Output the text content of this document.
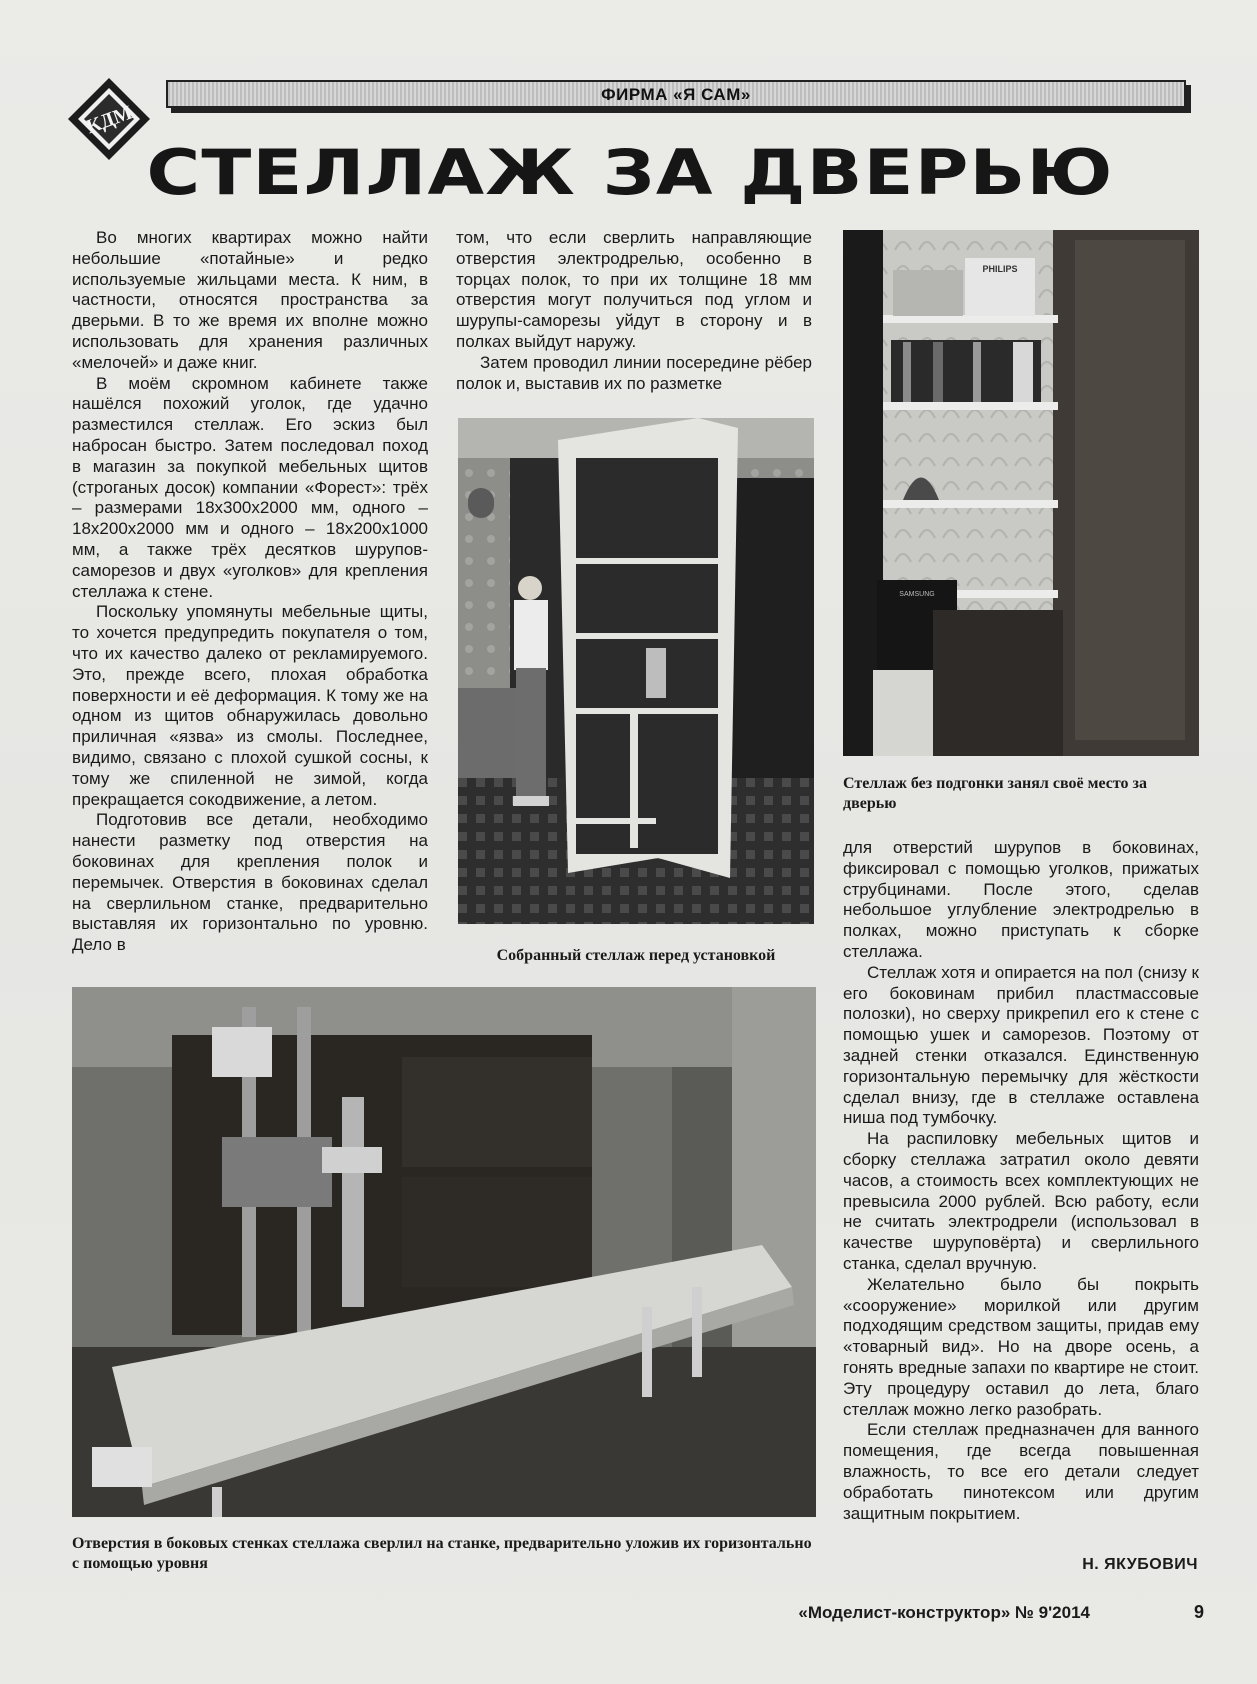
КДМ
ФИРМА «Я САМ»
СТЕЛЛАЖ ЗА ДВЕРЬЮ

Во многих квартирах можно найти небольшие «потайные» и редко используемые жильцами места. К ним, в частности, относятся пространства за дверьми. В то же время их вполне можно использовать для хранения различных «мелочей» и даже книг.

В моём скромном кабинете также нашёлся похожий уголок, где удачно разместился стеллаж. Его эскиз был набросан быстро. Затем последовал поход в магазин за покупкой мебельных щитов (строганых досок) компании «Форест»: трёх – размерами 18x300x2000 мм, одного – 18x200x2000 мм и одного – 18x200x1000 мм, а также трёх десятков шурупов-саморезов и двух «уголков» для крепления стеллажа к стене.

Поскольку упомянуты мебельные щиты, то хочется предупредить покупателя о том, что их качество далеко от рекламируемого. Это, прежде всего, плохая обработка поверхности и её деформация. К тому же на одном из щитов обнаружилась довольно приличная «язва» из смолы. Последнее, видимо, связано с плохой сушкой сосны, к тому же спиленной не зимой, когда прекращается сокодвижение, а летом.

Подготовив все детали, необходимо нанести разметку под отверстия на боковинах для крепления полок и перемычек. Отверстия в боковинах сделал на сверлильном станке, предварительно выставляя их горизонтально по уровню. Дело в

том, что если сверлить направляющие отверстия электродрелью, особенно в торцах полок, то при их толщине 18 мм отверстия могут получиться под углом и шурупы-саморезы уйдут в сторону и в полках выйдут наружу.

Затем проводил линии посередине рёбер полок и, выставив их по разметке

PHILIPS
SAMSUNG

для отверстий шурупов в боковинах, фиксировал с помощью уголков, прижатых струбцинами. После этого, сделав небольшое углубление электродрелью в полках, можно приступать к сборке стеллажа.

Стеллаж хотя и опирается на пол (снизу к его боковинам прибил пластмассовые полозки), но сверху прикрепил его к стене с помощью ушек и саморезов. Поэтому от задней стенки отказался. Единственную горизонтальную перемычку для жёсткости сделал внизу, где в стеллаже оставлена ниша под тумбочку.

На распиловку мебельных щитов и сборку стеллажа затратил около девяти часов, а стоимость всех комплектующих не превысила 2000 рублей. Всю работу, если не считать электродрели (использовал в качестве шуруповёрта) и сверлильного станка, сделал вручную.

Желательно было бы покрыть «сооружение» морилкой или другим подходящим средством защиты, придав ему «товарный вид». Но на дворе осень, а гонять вредные запахи по квартире не стоит. Эту процедуру оставил до лета, благо стеллаж можно легко разобрать.

Если стеллаж предназначен для ванного помещения, где всегда повышенная влажность, то все его детали следует обработать пинотексом или другим защитным покрытием.

Стеллаж без подгонки занял своё место за дверью
Собранный стеллаж перед установкой
Отверстия в боковых стенках стеллажа сверлил на станке, предварительно уложив их горизонтально с помощью уровня	Н. ЯКУБОВИЧ
«Моделист-конструктор» № 9'2014	9
